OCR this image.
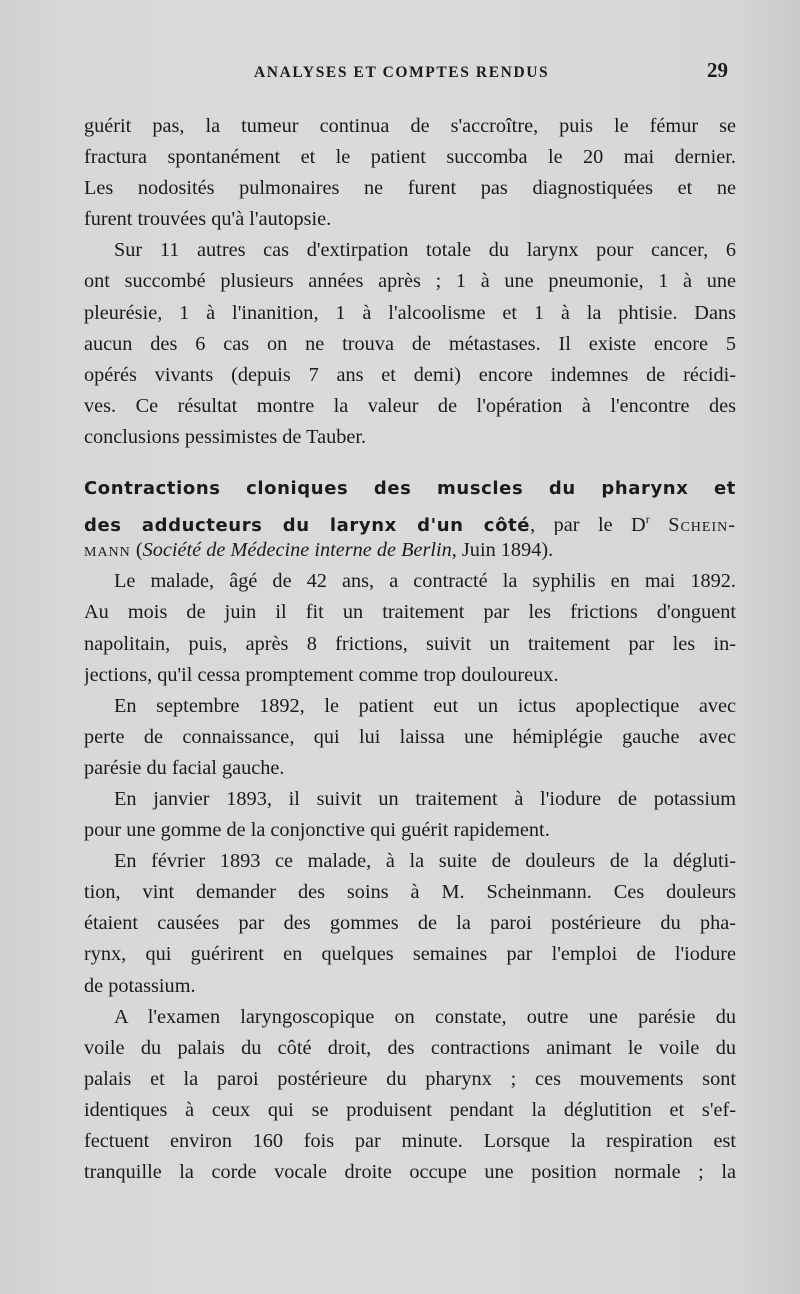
ANALYSES ET COMPTES RENDUS	29
guérit pas, la tumeur continua de s'accroître, puis le fémur se
fractura spontanément et le patient succomba le 20 mai dernier.
Les nodosités pulmonaires ne furent pas diagnostiquées et ne
furent trouvées qu'à l'autopsie.
Sur 11 autres cas d'extirpation totale du larynx pour cancer, 6
ont succombé plusieurs années après ; 1 à une pneumonie, 1 à une
pleurésie, 1 à l'inanition, 1 à l'alcoolisme et 1 à la phtisie. Dans
aucun des 6 cas on ne trouva de métastases. Il existe encore 5
opérés vivants (depuis 7 ans et demi) encore indemnes de récidi-
ves. Ce résultat montre la valeur de l'opération à l'encontre des
conclusions pessimistes de Tauber.
Contractions cloniques des muscles du pharynx et
des adducteurs du larynx d'un côté, par le $D^r$ Schein-
mann (Société de Médecine interne de Berlin, Juin 1894).
Le malade, âgé de 42 ans, a contracté la syphilis en mai 1892.
Au mois de juin il fit un traitement par les frictions d'onguent
napolitain, puis, après 8 frictions, suivit un traitement par les in-
jections, qu'il cessa promptement comme trop douloureux.
En septembre 1892, le patient eut un ictus apoplectique avec
perte de connaissance, qui lui laissa une hémiplégie gauche avec
parésie du facial gauche.
En janvier 1893, il suivit un traitement à l'iodure de potassium
pour une gomme de la conjonctive qui guérit rapidement.
En février 1893 ce malade, à la suite de douleurs de la dégluti-
tion, vint demander des soins à M. Scheinmann. Ces douleurs
étaient causées par des gommes de la paroi postérieure du pha-
rynx, qui guérirent en quelques semaines par l'emploi de l'iodure
de potassium.
A l'examen laryngoscopique on constate, outre une parésie du
voile du palais du côté droit, des contractions animant le voile du
palais et la paroi postérieure du pharynx ; ces mouvements sont
identiques à ceux qui se produisent pendant la déglutition et s'ef-
fectuent environ 160 fois par minute. Lorsque la respiration est
tranquille la corde vocale droite occupe une position normale ; la
